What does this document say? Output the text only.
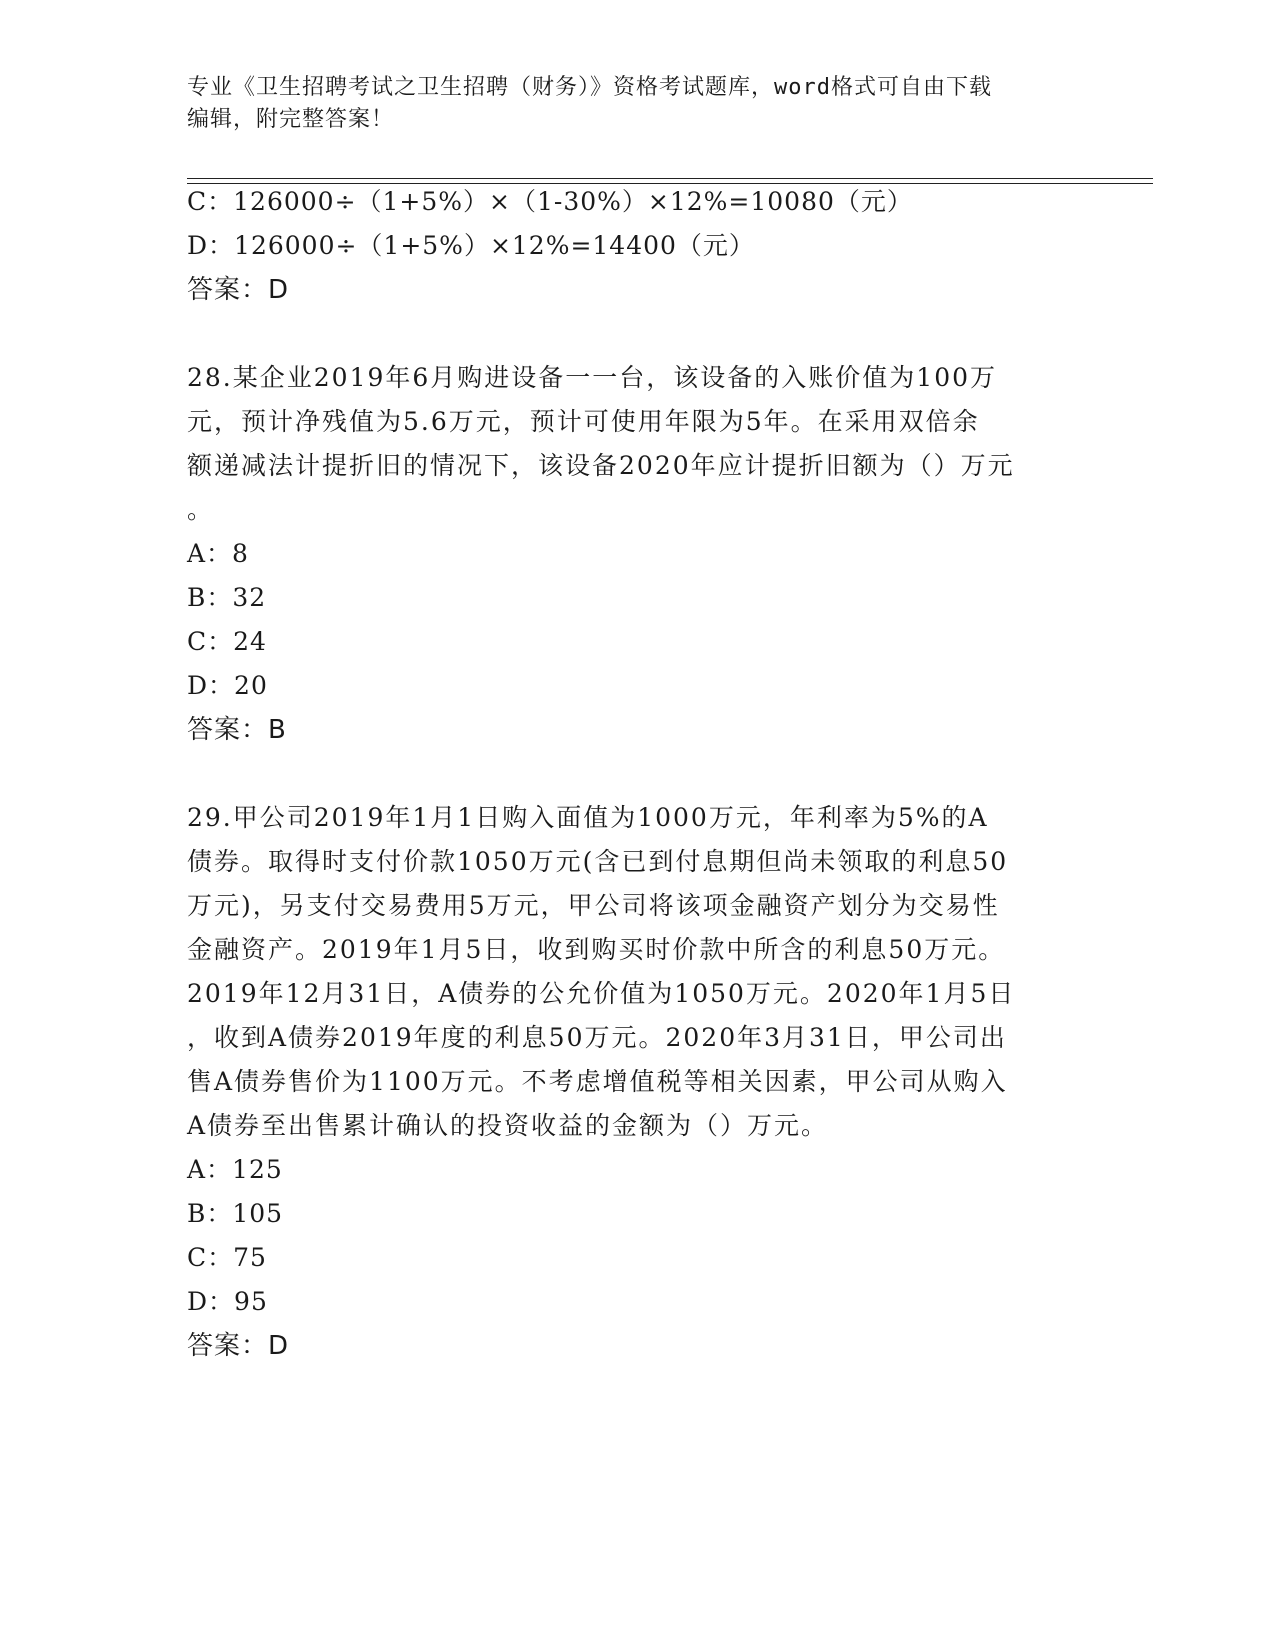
专业《卫生招聘考试之卫生招聘（财务）》资格考试题库，word格式可自由下载
编辑，附完整答案！
C：126000÷（1+5%）×（1-30%）×12%=10080（元）
D：126000÷（1+5%）×12%=14400（元）
答案：D
28.某企业2019年6月购进设备一一台，该设备的入账价值为100万
元，预计净残值为5.6万元，预计可使用年限为5年。在采用双倍余
额递减法计提折旧的情况下，该设备2020年应计提折旧额为（）万元
。
A：8
B：32
C：24
D：20
答案：B
29.甲公司2019年1月1日购入面值为1000万元，年利率为5%的A
债券。取得时支付价款1050万元(含已到付息期但尚未领取的利息50
万元)，另支付交易费用5万元，甲公司将该项金融资产划分为交易性
金融资产。2019年1月5日，收到购买时价款中所含的利息50万元。
2019年12月31日，A债券的公允价值为1050万元。2020年1月5日
，收到A债券2019年度的利息50万元。2020年3月31日，甲公司出
售A债券售价为1100万元。不考虑增值税等相关因素，甲公司从购入
A债券至出售累计确认的投资收益的金额为（）万元。
A：125
B：105
C：75
D：95
答案：D
